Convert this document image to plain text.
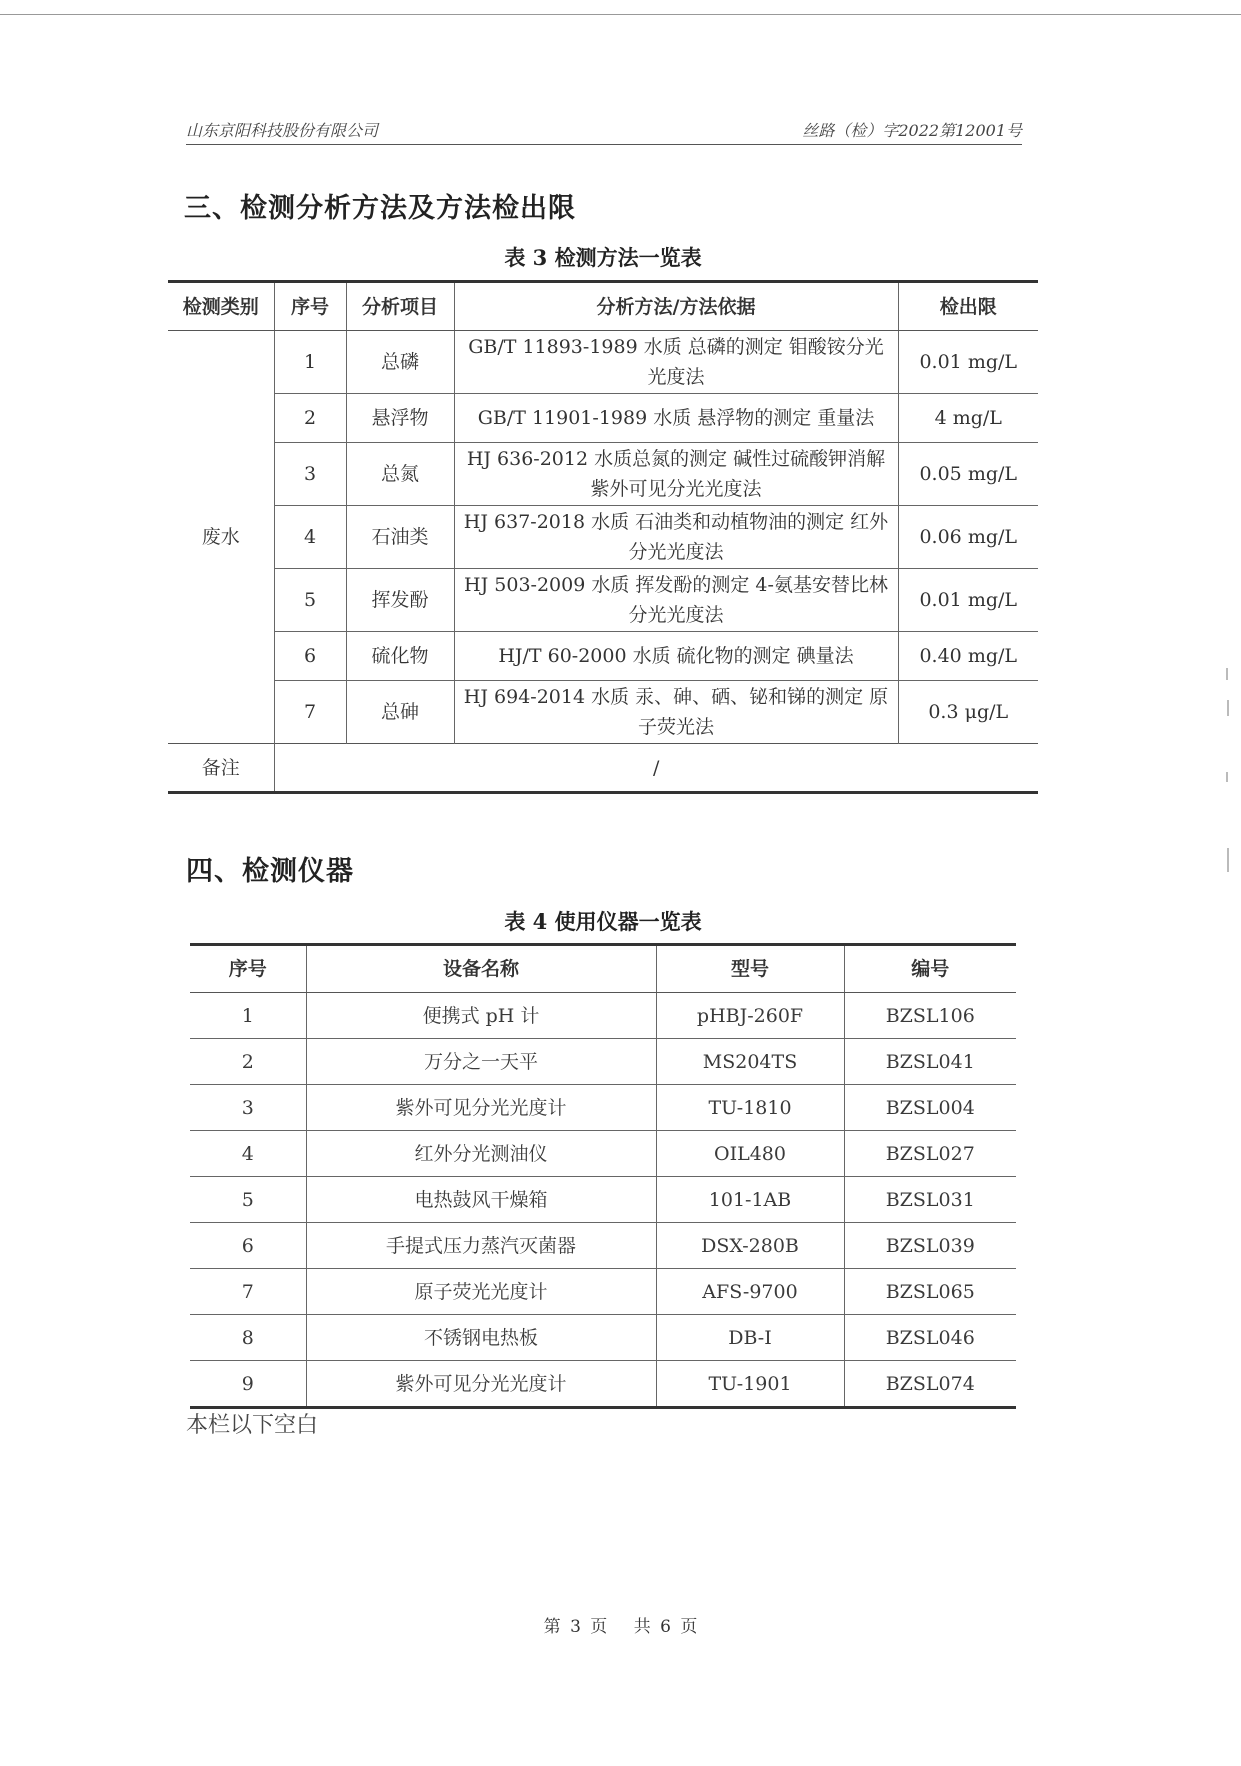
山东京阳科技股份有限公司	丝路（检）字2022第12001号
三、检测分析方法及方法检出限
表 3 检测方法一览表
检测类别	序号	分析项目	分析方法/方法依据	检出限
废水	1	总磷	GB/T 11893-1989 水质 总磷的测定 钼酸铵分光光度法	0.01 mg/L
	2	悬浮物	GB/T 11901-1989 水质 悬浮物的测定 重量法	4 mg/L
	3	总氮	HJ 636-2012 水质总氮的测定 碱性过硫酸钾消解 紫外可见分光光度法	0.05 mg/L
	4	石油类	HJ 637-2018 水质 石油类和动植物油的测定 红外分光光度法	0.06 mg/L
	5	挥发酚	HJ 503-2009 水质 挥发酚的测定 4-氨基安替比林分光光度法	0.01 mg/L
	6	硫化物	HJ/T 60-2000 水质 硫化物的测定 碘量法	0.40 mg/L
	7	总砷	HJ 694-2014 水质 汞、砷、硒、铋和锑的测定 原子荧光法	0.3 μg/L
备注	/			
四、检测仪器
表 4 使用仪器一览表
序号	设备名称	型号	编号
1	便携式 pH 计	pHBJ-260F	BZSL106
2	万分之一天平	MS204TS	BZSL041
3	紫外可见分光光度计	TU-1810	BZSL004
4	红外分光测油仪	OIL480	BZSL027
5	电热鼓风干燥箱	101-1AB	BZSL031
6	手提式压力蒸汽灭菌器	DSX-280B	BZSL039
7	原子荧光光度计	AFS-9700	BZSL065
8	不锈钢电热板	DB-I	BZSL046
9	紫外可见分光光度计	TU-1901	BZSL074
本栏以下空白
第 3 页　 共 6 页
